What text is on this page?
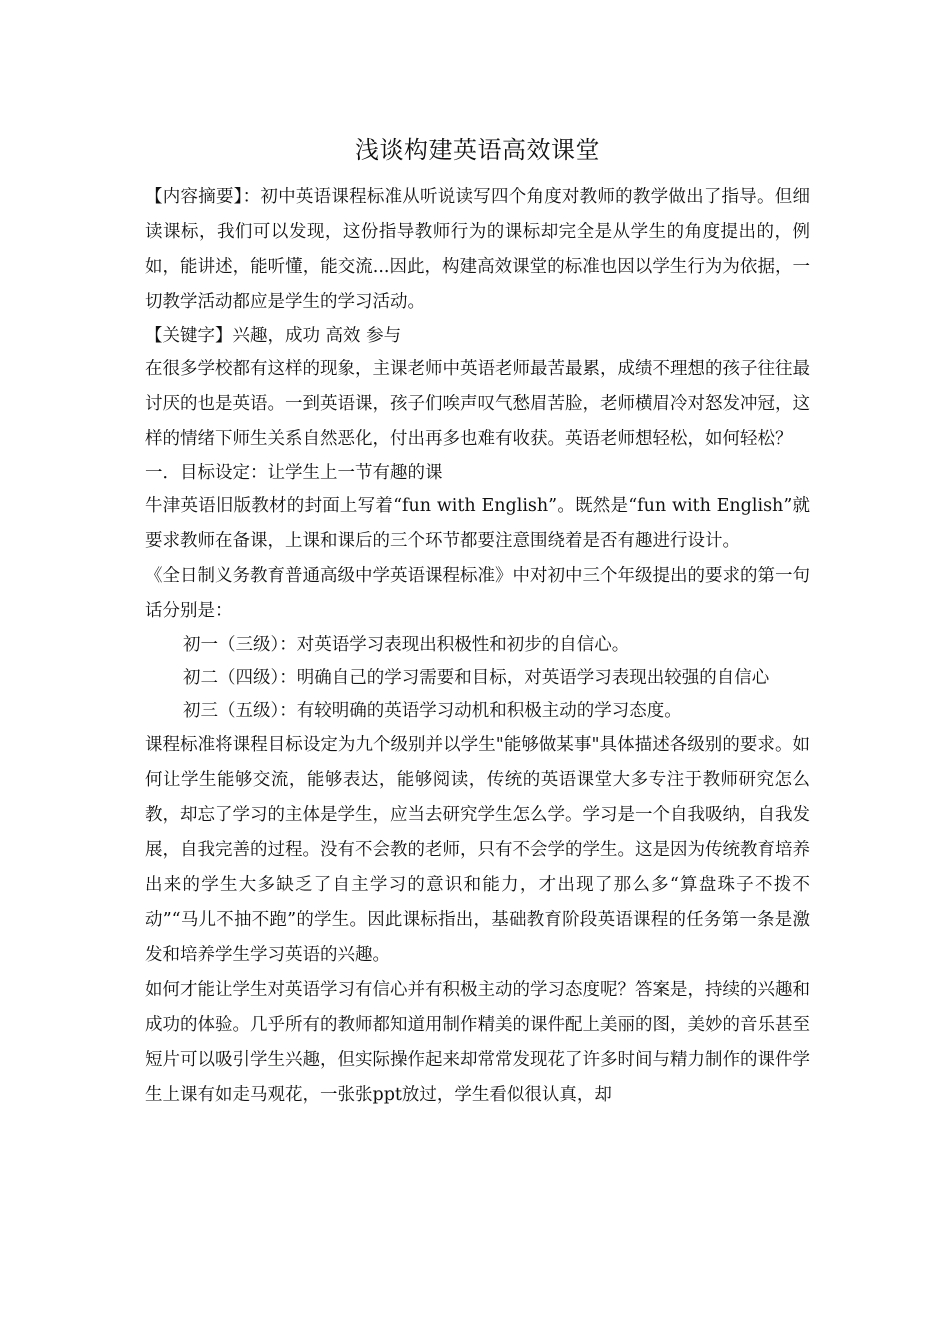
浅谈构建英语高效课堂

【内容摘要】：初中英语课程标准从听说读写四个角度对教师的教学做出了指导。但细读课标，我们可以发现，这份指导教师行为的课标却完全是从学生的角度提出的，例如，能讲述，能听懂，能交流...因此，构建高效课堂的标准也因以学生行为为依据，一切教学活动都应是学生的学习活动。

【关键字】兴趣，成功 高效 参与

在很多学校都有这样的现象，主课老师中英语老师最苦最累，成绩不理想的孩子往往最讨厌的也是英语。一到英语课，孩子们唉声叹气愁眉苦脸，老师横眉冷对怒发冲冠，这样的情绪下师生关系自然恶化，付出再多也难有收获。英语老师想轻松，如何轻松？

一．目标设定：让学生上一节有趣的课

牛津英语旧版教材的封面上写着“fun with English”。既然是“fun with English”就要求教师在备课，上课和课后的三个环节都要注意围绕着是否有趣进行设计。

《全日制义务教育普通高级中学英语课程标准》中对初中三个年级提出的要求的第一句话分别是：

初一（三级）：对英语学习表现出积极性和初步的自信心。

初二（四级）：明确自己的学习需要和目标，对英语学习表现出较强的自信心

初三（五级）：有较明确的英语学习动机和积极主动的学习态度。

课程标准将课程目标设定为九个级别并以学生"能够做某事"具体描述各级别的要求。如何让学生能够交流，能够表达，能够阅读，传统的英语课堂大多专注于教师研究怎么教，却忘了学习的主体是学生，应当去研究学生怎么学。学习是一个自我吸纳，自我发展，自我完善的过程。没有不会教的老师，只有不会学的学生。这是因为传统教育培养出来的学生大多缺乏了自主学习的意识和能力，才出现了那么多“算盘珠子不拨不动”“马儿不抽不跑”的学生。因此课标指出，基础教育阶段英语课程的任务第一条是激发和培养学生学习英语的兴趣。

如何才能让学生对英语学习有信心并有积极主动的学习态度呢？答案是，持续的兴趣和成功的体验。几乎所有的教师都知道用制作精美的课件配上美丽的图，美妙的音乐甚至短片可以吸引学生兴趣，但实际操作起来却常常发现花了许多时间与精力制作的课件学生上课有如走马观花，一张张ppt放过，学生看似很认真，却
